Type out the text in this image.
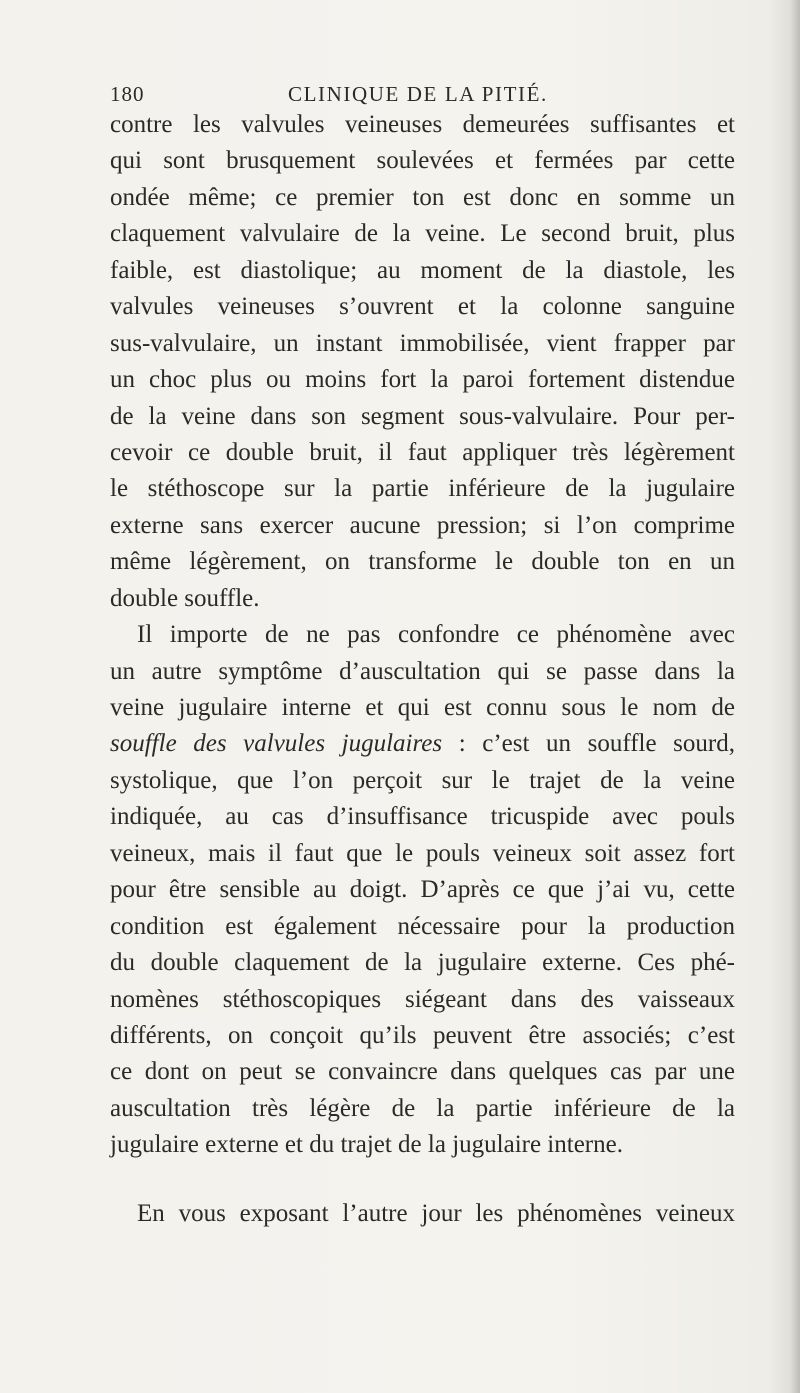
180	CLINIQUE DE LA PITIÉ.
contre les valvules veineuses demeurées suffisantes et
qui sont brusquement soulevées et fermées par cette
ondée même; ce premier ton est donc en somme un
claquement valvulaire de la veine. Le second bruit, plus
faible, est diastolique; au moment de la diastole, les
valvules veineuses s’ouvrent et la colonne sanguine
sus-valvulaire, un instant immobilisée, vient frapper par
un choc plus ou moins fort la paroi fortement distendue
de la veine dans son segment sous-valvulaire. Pour per-
cevoir ce double bruit, il faut appliquer très légèrement
le stéthoscope sur la partie inférieure de la jugulaire
externe sans exercer aucune pression; si l’on comprime
même légèrement, on transforme le double ton en un
double souffle.
Il importe de ne pas confondre ce phénomène avec
un autre symptôme d’auscultation qui se passe dans la
veine jugulaire interne et qui est connu sous le nom de
souffle des valvules jugulaires : c’est un souffle sourd,
systolique, que l’on perçoit sur le trajet de la veine
indiquée, au cas d’insuffisance tricuspide avec pouls
veineux, mais il faut que le pouls veineux soit assez fort
pour être sensible au doigt. D’après ce que j’ai vu, cette
condition est également nécessaire pour la production
du double claquement de la jugulaire externe. Ces phé-
nomènes stéthoscopiques siégeant dans des vaisseaux
différents, on conçoit qu’ils peuvent être associés; c’est
ce dont on peut se convaincre dans quelques cas par une
auscultation très légère de la partie inférieure de la
jugulaire externe et du trajet de la jugulaire interne.
En vous exposant l’autre jour les phénomènes veineux
